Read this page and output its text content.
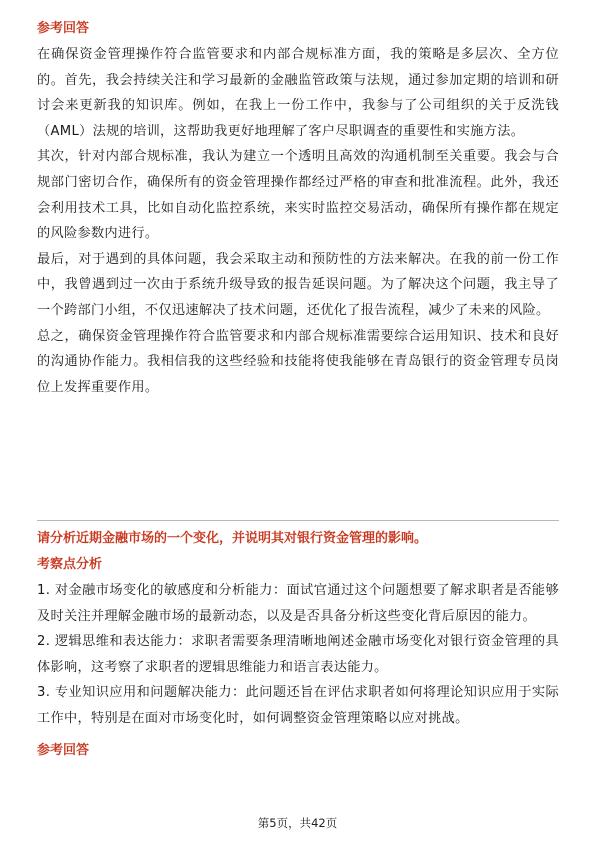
参考回答

在确保资金管理操作符合监管要求和内部合规标准方面，我的策略是多层次、全方位的。首先，我会持续关注和学习最新的金融监管政策与法规，通过参加定期的培训和研讨会来更新我的知识库。例如，在我上一份工作中，我参与了公司组织的关于反洗钱（AML）法规的培训，这帮助我更好地理解了客户尽职调查的重要性和实施方法。

其次，针对内部合规标准，我认为建立一个透明且高效的沟通机制至关重要。我会与合规部门密切合作，确保所有的资金管理操作都经过严格的审查和批准流程。此外，我还会利用技术工具，比如自动化监控系统，来实时监控交易活动，确保所有操作都在规定的风险参数内进行。

最后，对于遇到的具体问题，我会采取主动和预防性的方法来解决。在我的前一份工作中，我曾遇到过一次由于系统升级导致的报告延误问题。为了解决这个问题，我主导了一个跨部门小组，不仅迅速解决了技术问题，还优化了报告流程，减少了未来的风险。

总之，确保资金管理操作符合监管要求和内部合规标准需要综合运用知识、技术和良好的沟通协作能力。我相信我的这些经验和技能将使我能够在青岛银行的资金管理专员岗位上发挥重要作用。

请分析近期金融市场的一个变化，并说明其对银行资金管理的影响。

考察点分析

1. 对金融市场变化的敏感度和分析能力：面试官通过这个问题想要了解求职者是否能够及时关注并理解金融市场的最新动态，以及是否具备分析这些变化背后原因的能力。

2. 逻辑思维和表达能力：求职者需要条理清晰地阐述金融市场变化对银行资金管理的具体影响，这考察了求职者的逻辑思维能力和语言表达能力。

3. 专业知识应用和问题解决能力：此问题还旨在评估求职者如何将理论知识应用于实际工作中，特别是在面对市场变化时，如何调整资金管理策略以应对挑战。

参考回答

第5页，共42页
